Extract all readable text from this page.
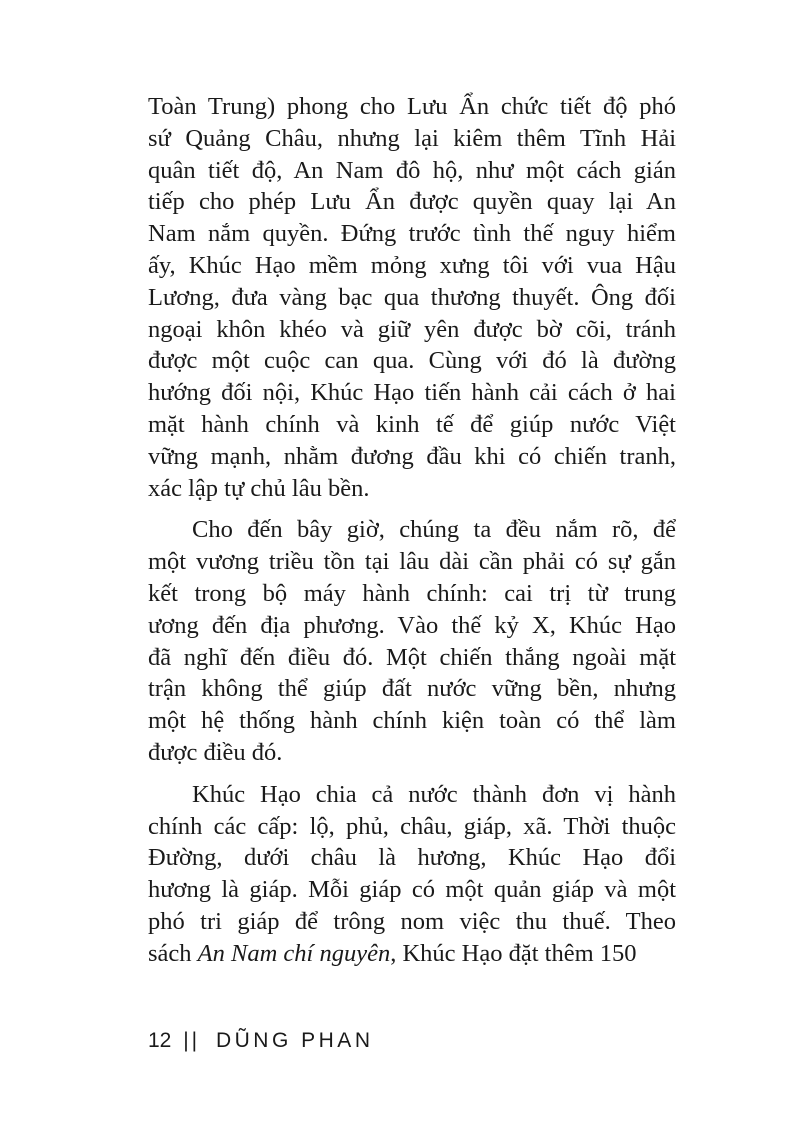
Toàn Trung) phong cho Lưu Ẩn chức tiết độ phó
sứ Quảng Châu, nhưng lại kiêm thêm Tĩnh Hải
quân tiết độ, An Nam đô hộ, như một cách gián
tiếp cho phép Lưu Ẩn được quyền quay lại An
Nam nắm quyền. Đứng trước tình thế nguy hiểm
ấy, Khúc Hạo mềm mỏng xưng tôi với vua Hậu
Lương, đưa vàng bạc qua thương thuyết. Ông đối
ngoại khôn khéo và giữ yên được bờ cõi, tránh
được một cuộc can qua. Cùng với đó là đường
hướng đối nội, Khúc Hạo tiến hành cải cách ở hai
mặt hành chính và kinh tế để giúp nước Việt
vững mạnh, nhằm đương đầu khi có chiến tranh,
xác lập tự chủ lâu bền.
Cho đến bây giờ, chúng ta đều nắm rõ, để
một vương triều tồn tại lâu dài cần phải có sự gắn
kết trong bộ máy hành chính: cai trị từ trung
ương đến địa phương. Vào thế kỷ X, Khúc Hạo
đã nghĩ đến điều đó. Một chiến thắng ngoài mặt
trận không thể giúp đất nước vững bền, nhưng
một hệ thống hành chính kiện toàn có thể làm
được điều đó.
Khúc Hạo chia cả nước thành đơn vị hành
chính các cấp: lộ, phủ, châu, giáp, xã. Thời thuộc
Đường, dưới châu là hương, Khúc Hạo đổi
hương là giáp. Mỗi giáp có một quản giáp và một
phó tri giáp để trông nom việc thu thuế. Theo
sách An Nam chí nguyên, Khúc Hạo đặt thêm 150
12 || DŨNG PHAN
